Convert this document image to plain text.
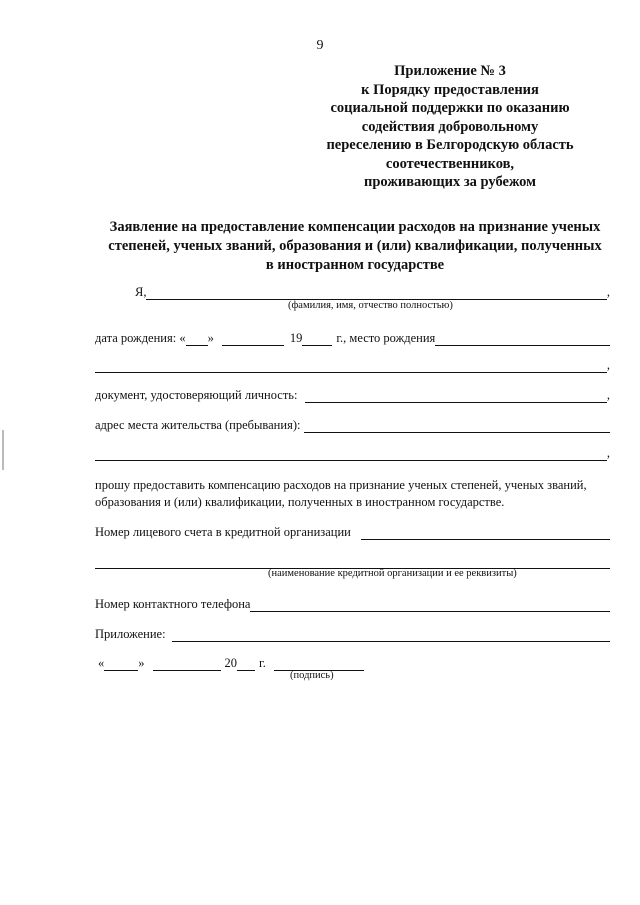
9
Приложение № 3
к Порядку предоставления
социальной поддержки по оказанию
содействия добровольному
переселению в Белгородскую область
соотечественников,
проживающих за рубежом
Заявление на предоставление компенсации расходов на признание ученых
степеней, ученых званий, образования и (или) квалификации, полученных
в иностранном государстве
Я,	,
(фамилия, имя, отчество полностью)
дата рождения: « »	19	г., место рождения
,
документ, удостоверяющий личность:	,
адрес места жительства (пребывания):
,
прошу предоставить компенсацию расходов на признание ученых степеней, ученых званий,
образования и (или) квалификации, полученных в иностранном государстве.
Номер лицевого счета в кредитной организации
(наименование кредитной организации и ее реквизиты)
Номер контактного телефона
Приложение:
«	»	20 г.
(подпись)
